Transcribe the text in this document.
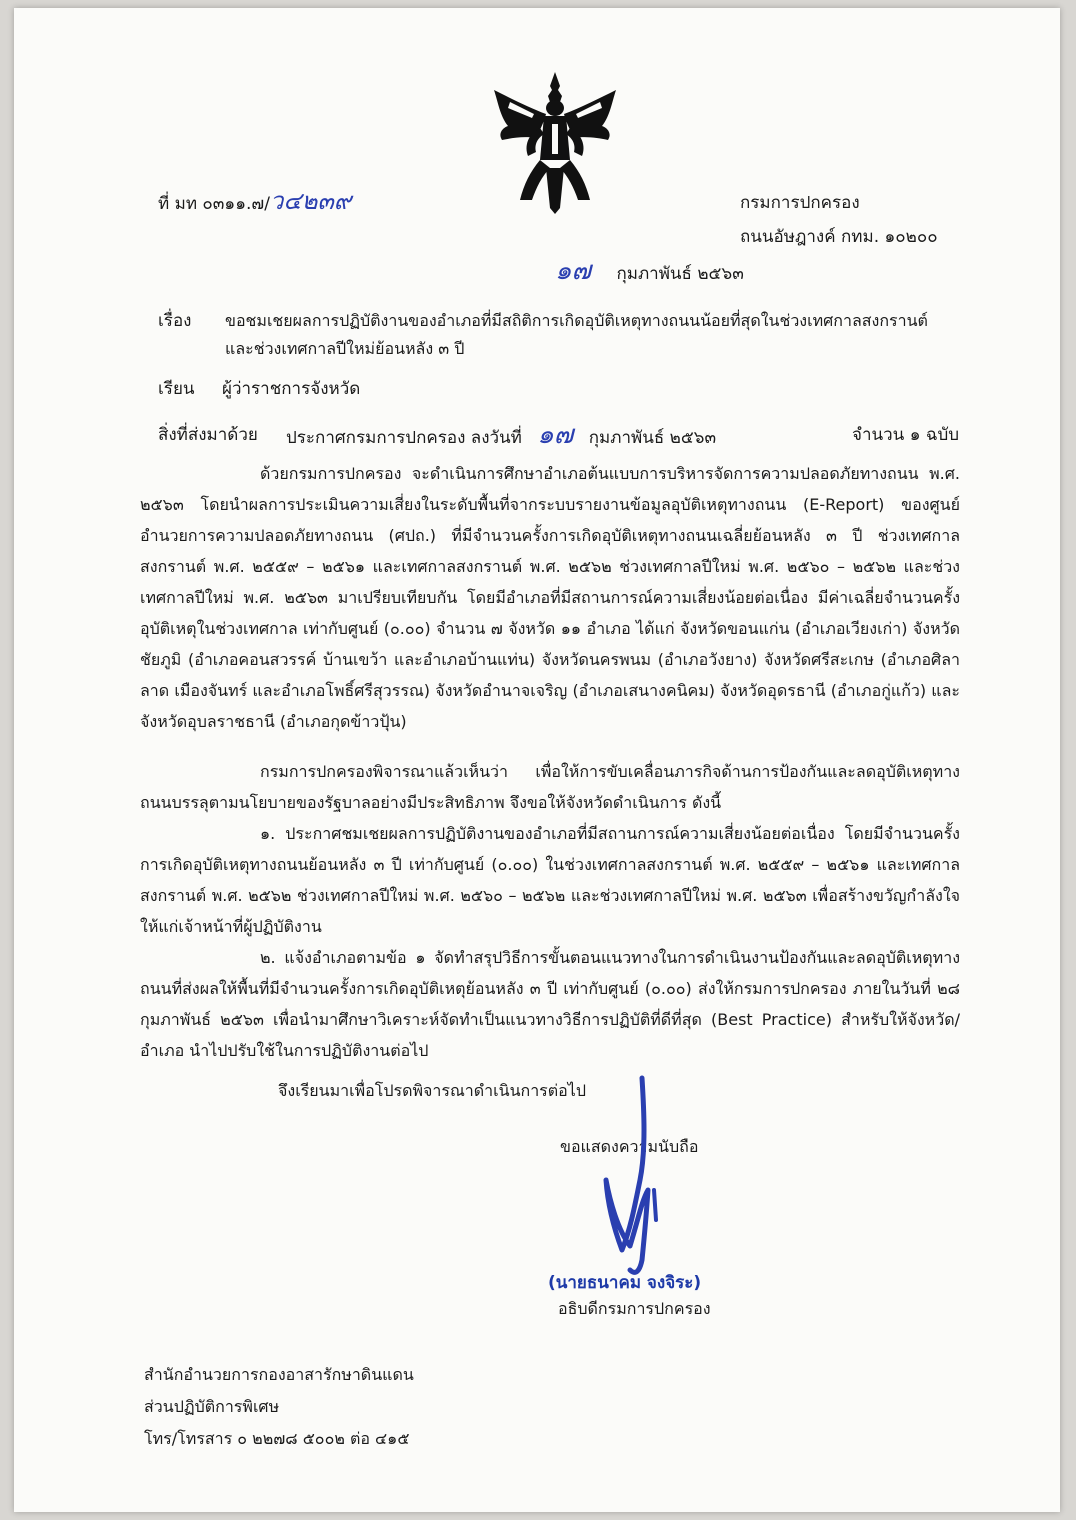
ที่ มท ๐๓๑๑.๗/ว๔๒๓๙	กรมการปกครอง
ถนนอัษฎางค์ กทม. ๑๐๒๐๐
๑๗ กุมภาพันธ์ ๒๕๖๓
เรื่อง ขอชมเชยผลการปฏิบัติงานของอำเภอที่มีสถิติการเกิดอุบัติเหตุทางถนนน้อยที่สุดในช่วงเทศกาลสงกรานต์
และช่วงเทศกาลปีใหม่ย้อนหลัง ๓ ปี
เรียน ผู้ว่าราชการจังหวัด
สิ่งที่ส่งมาด้วย ประกาศกรมการปกครอง ลงวันที่ ๑๗ กุมภาพันธ์ ๒๕๖๓	จำนวน ๑ ฉบับ

ด้วยกรมการปกครอง จะดำเนินการศึกษาอำเภอต้นแบบการบริหารจัดการความปลอดภัยทางถนน พ.ศ. ๒๕๖๓ โดยนำผลการประเมินความเสี่ยงในระดับพื้นที่จากระบบรายงานข้อมูลอุบัติเหตุทางถนน (E-Report) ของศูนย์อำนวยการความปลอดภัยทางถนน (ศปถ.) ที่มีจำนวนครั้งการเกิดอุบัติเหตุทางถนนเฉลี่ยย้อนหลัง ๓ ปี ช่วงเทศกาลสงกรานต์ พ.ศ. ๒๕๕๙ – ๒๕๖๑ และเทศกาลสงกรานต์ พ.ศ. ๒๕๖๒ ช่วงเทศกาลปีใหม่ พ.ศ. ๒๕๖๐ – ๒๕๖๒ และช่วงเทศกาลปีใหม่ พ.ศ. ๒๕๖๓ มาเปรียบเทียบกัน โดยมีอำเภอที่มีสถานการณ์ความเสี่ยงน้อยต่อเนื่อง มีค่าเฉลี่ยจำนวนครั้งอุบัติเหตุในช่วงเทศกาล เท่ากับศูนย์ (๐.๐๐) จำนวน ๗ จังหวัด ๑๑ อำเภอ ได้แก่ จังหวัดขอนแก่น (อำเภอเวียงเก่า) จังหวัดชัยภูมิ (อำเภอคอนสวรรค์ บ้านเขว้า และอำเภอบ้านแท่น) จังหวัดนครพนม (อำเภอวังยาง) จังหวัดศรีสะเกษ (อำเภอศิลาลาด เมืองจันทร์ และอำเภอโพธิ์ศรีสุวรรณ) จังหวัดอำนาจเจริญ (อำเภอเสนางคนิคม) จังหวัดอุดรธานี (อำเภอกู่แก้ว) และจังหวัดอุบลราชธานี (อำเภอกุดข้าวปุ้น)

กรมการปกครองพิจารณาแล้วเห็นว่า เพื่อให้การขับเคลื่อนภารกิจด้านการป้องกันและลดอุบัติเหตุทางถนนบรรลุตามนโยบายของรัฐบาลอย่างมีประสิทธิภาพ จึงขอให้จังหวัดดำเนินการ ดังนี้

๑. ประกาศชมเชยผลการปฏิบัติงานของอำเภอที่มีสถานการณ์ความเสี่ยงน้อยต่อเนื่อง โดยมีจำนวนครั้งการเกิดอุบัติเหตุทางถนนย้อนหลัง ๓ ปี เท่ากับศูนย์ (๐.๐๐) ในช่วงเทศกาลสงกรานต์ พ.ศ. ๒๕๕๙ – ๒๕๖๑ และเทศกาลสงกรานต์ พ.ศ. ๒๕๖๒ ช่วงเทศกาลปีใหม่ พ.ศ. ๒๕๖๐ – ๒๕๖๒ และช่วงเทศกาลปีใหม่ พ.ศ. ๒๕๖๓ เพื่อสร้างขวัญกำลังใจให้แก่เจ้าหน้าที่ผู้ปฏิบัติงาน

๒. แจ้งอำเภอตามข้อ ๑ จัดทำสรุปวิธีการขั้นตอนแนวทางในการดำเนินงานป้องกันและลดอุบัติเหตุทางถนนที่ส่งผลให้พื้นที่มีจำนวนครั้งการเกิดอุบัติเหตุย้อนหลัง ๓ ปี เท่ากับศูนย์ (๐.๐๐) ส่งให้กรมการปกครอง ภายในวันที่ ๒๘ กุมภาพันธ์ ๒๕๖๓ เพื่อนำมาศึกษาวิเคราะห์จัดทำเป็นแนวทางวิธีการปฏิบัติที่ดีที่สุด (Best Practice) สำหรับให้จังหวัด/อำเภอ นำไปปรับใช้ในการปฏิบัติงานต่อไป

จึงเรียนมาเพื่อโปรดพิจารณาดำเนินการต่อไป
ขอแสดงความนับถือ
(นายธนาคม จงจิระ)
อธิบดีกรมการปกครอง
สำนักอำนวยการกองอาสารักษาดินแดน
ส่วนปฏิบัติการพิเศษ
โทร/โทรสาร ๐ ๒๒๗๘ ๕๐๐๒ ต่อ ๔๑๕
